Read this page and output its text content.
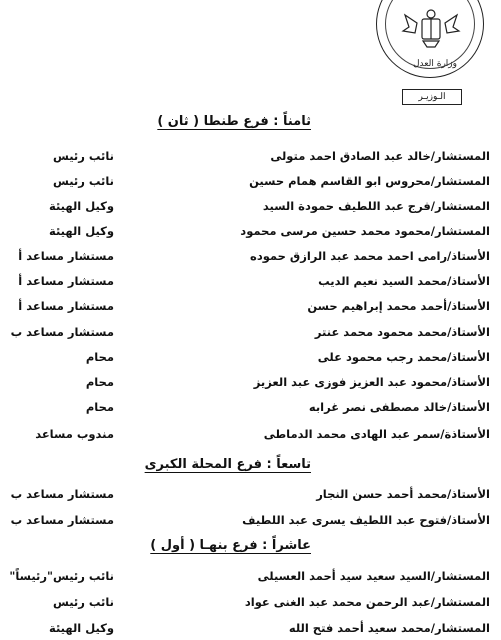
وزارة العدل
الـوزيـر
ثامناً : فرع طنطا ( ثان )
المستشار/خالد عبد الصادق احمد متولى
نائب رئيس
المستشار/محروس ابو القاسم همام حسين
نائب رئيس
المستشار/فرج عبد اللطيف حمودة السيد
وكيل الهيئة
المستشار/محمود محمد حسين مرسى محمود
وكيل الهيئة
الأستاذ/رامى احمد محمد عبد الرازق حموده
مستشار مساعد أ
الأستاذ/محمد السيد نعيم الديب
مستشار مساعد أ
الأستاذ/أحمد محمد إبراهيم حسن
مستشار مساعد أ
الأستاذ/محمد محمود محمد عنتر
مستشار مساعد ب
الأستاذ/محمد رجب محمود على
محام
الأستاذ/محمود عبد العزيز فوزى عبد العزيز
محام
الأستاذ/خالد مصطفى نصر غرابه
محام
الأستاذة/سمر عبد الهادى محمد الدماطى
مندوب مساعد
تاسعاً : فرع المحلة الكبرى
الأستاذ/محمد أحمد حسن النجار
مستشار مساعد ب
الأستاذ/فتوح عبد اللطيف يسرى عبد اللطيف
مستشار مساعد ب
عاشراً : فرع بنهـا ( أول )
المستشار/السيد سعيد سيد أحمد العسيلى
نائب رئيس"رئيساً"
المستشار/عبد الرحمن محمد عبد الغنى عواد
نائب رئيس
المستشار/محمد سعيد أحمد فتح الله
وكيل الهيئة
